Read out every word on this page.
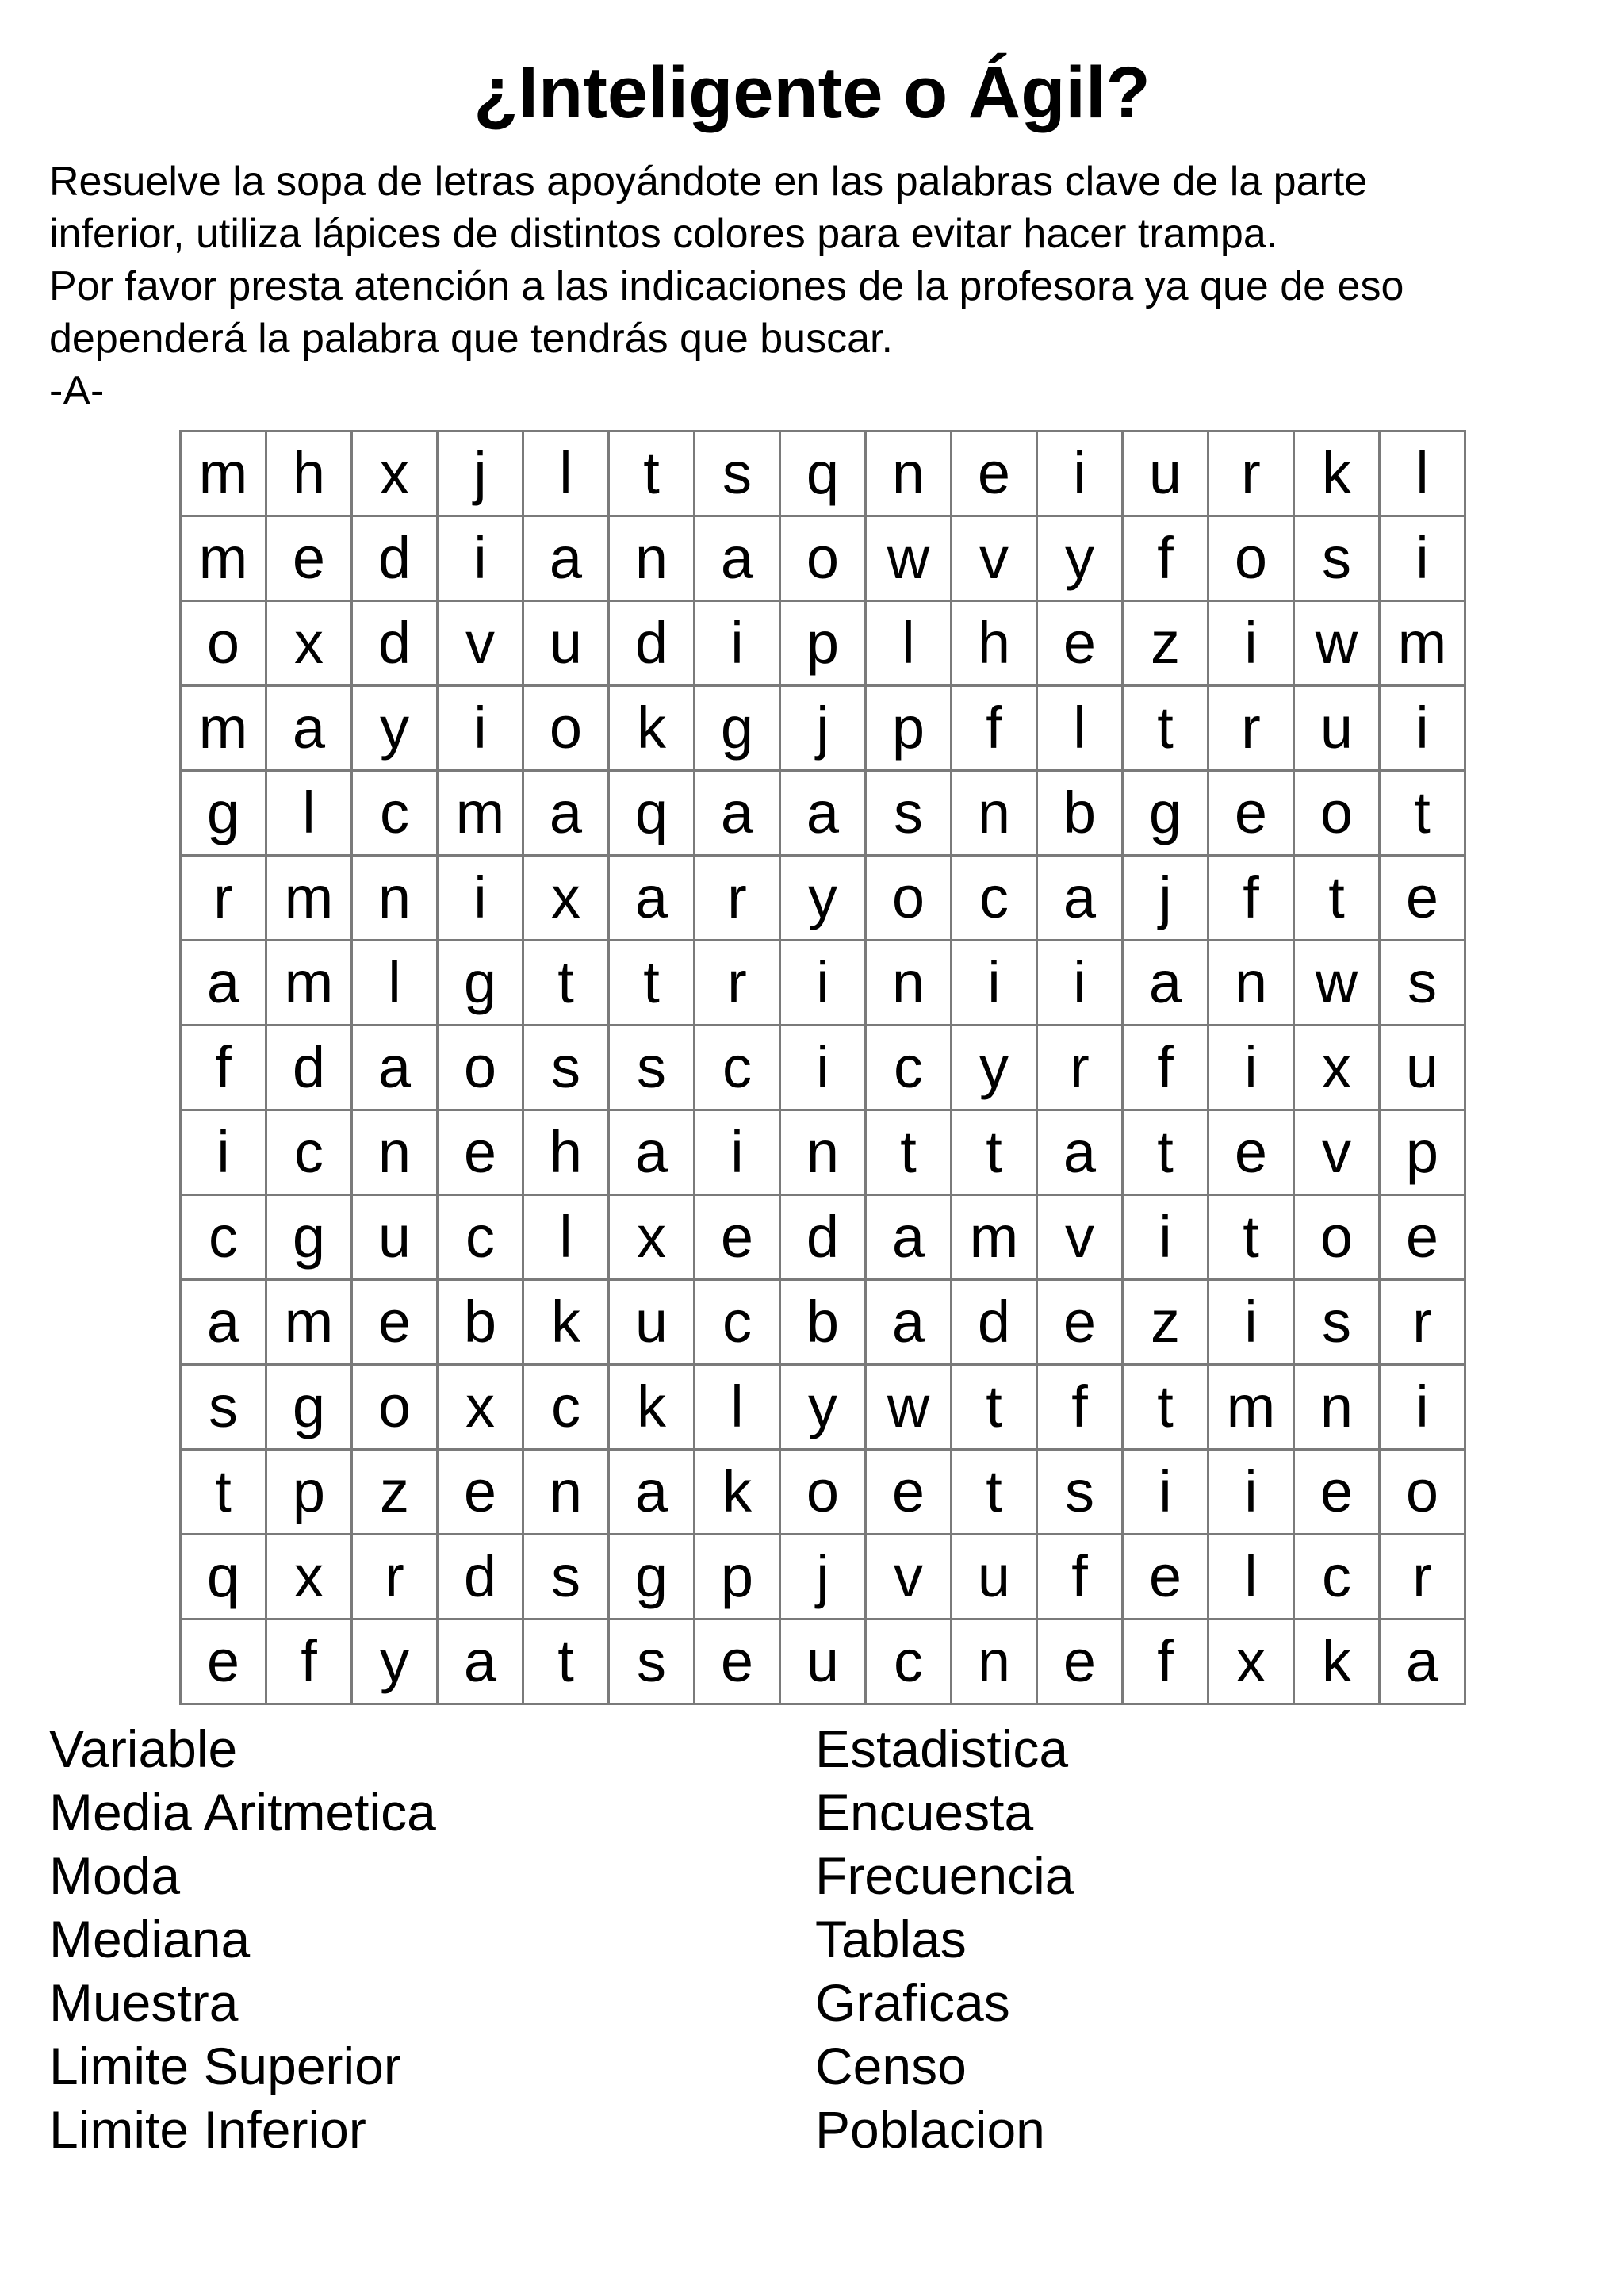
¿Inteligente o Ágil?
Resuelve la sopa de letras apoyándote en las palabras clave de la parte
inferior, utiliza lápices de distintos colores para evitar hacer trampa.
Por favor presta atención a las indicaciones de la profesora ya que de eso
dependerá la palabra que tendrás que buscar.
-A-
m	h	x	j	l	t	s	q	n	e	i	u	r	k	l
m	e	d	i	a	n	a	o	w	v	y	f	o	s	i
o	x	d	v	u	d	i	p	l	h	e	z	i	w	m
m	a	y	i	o	k	g	j	p	f	l	t	r	u	i
g	l	c	m	a	q	a	a	s	n	b	g	e	o	t
r	m	n	i	x	a	r	y	o	c	a	j	f	t	e
a	m	l	g	t	t	r	i	n	i	i	a	n	w	s
f	d	a	o	s	s	c	i	c	y	r	f	i	x	u
i	c	n	e	h	a	i	n	t	t	a	t	e	v	p
c	g	u	c	l	x	e	d	a	m	v	i	t	o	e
a	m	e	b	k	u	c	b	a	d	e	z	i	s	r
s	g	o	x	c	k	l	y	w	t	f	t	m	n	i
t	p	z	e	n	a	k	o	e	t	s	i	i	e	o
q	x	r	d	s	g	p	j	v	u	f	e	l	c	r
e	f	y	a	t	s	e	u	c	n	e	f	x	k	a
Variable
Media Aritmetica
Moda
Mediana
Muestra
Limite Superior
Limite Inferior
Estadistica
Encuesta
Frecuencia
Tablas
Graficas
Censo
Poblacion
